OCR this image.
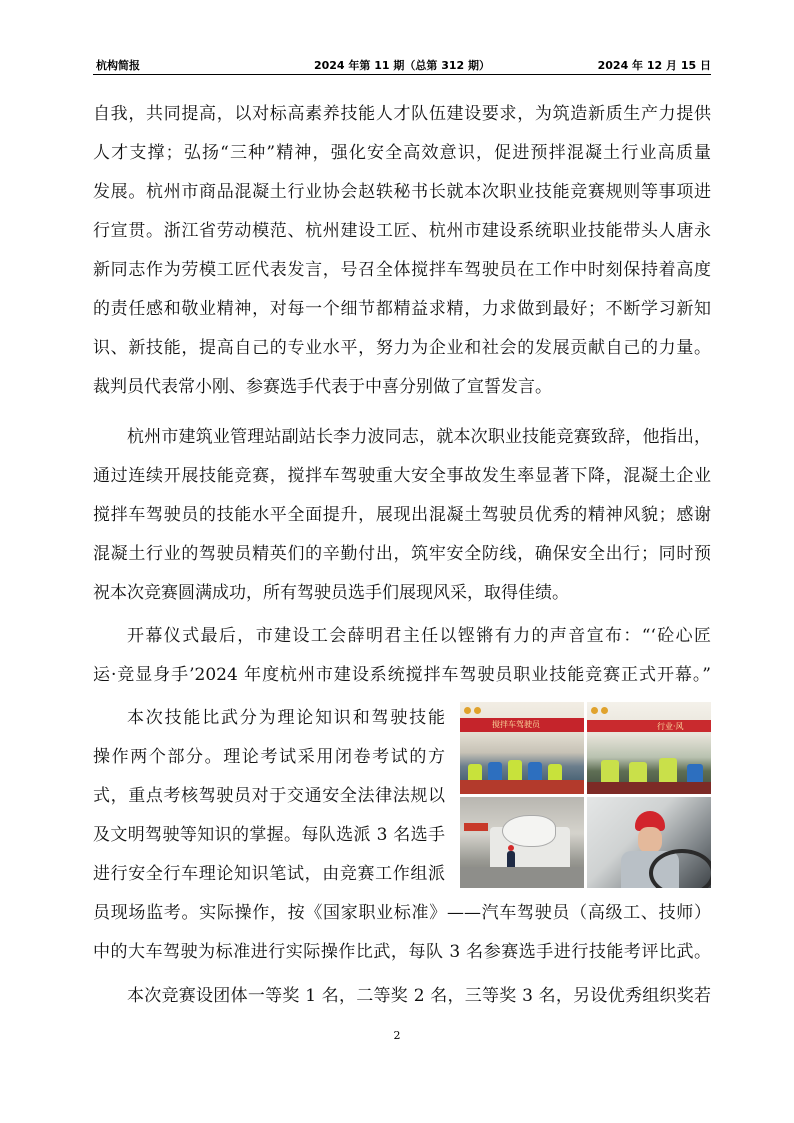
杭构简报	2024 年第 11 期（总第 312 期）	2024 年 12 月 15 日
自我，共同提高，以对标高素养技能人才队伍建设要求，为筑造新质生产力提供
人才支撑；弘扬“三种”精神，强化安全高效意识，促进预拌混凝土行业高质量
发展。杭州市商品混凝土行业协会赵轶秘书长就本次职业技能竞赛规则等事项进
行宣贯。浙江省劳动模范、杭州建设工匠、杭州市建设系统职业技能带头人唐永
新同志作为劳模工匠代表发言，号召全体搅拌车驾驶员在工作中时刻保持着高度
的责任感和敬业精神，对每一个细节都精益求精，力求做到最好；不断学习新知
识、新技能，提高自己的专业水平，努力为企业和社会的发展贡献自己的力量。
裁判员代表常小刚、参赛选手代表于中喜分别做了宣誓发言。
杭州市建筑业管理站副站长李力波同志，就本次职业技能竞赛致辞，他指出，
通过连续开展技能竞赛，搅拌车驾驶重大安全事故发生率显著下降，混凝土企业
搅拌车驾驶员的技能水平全面提升，展现出混凝土驾驶员优秀的精神风貌；感谢
混凝土行业的驾驶员精英们的辛勤付出，筑牢安全防线，确保安全出行；同时预
祝本次竞赛圆满成功，所有驾驶员选手们展现风采，取得佳绩。
开幕仪式最后，市建设工会薛明君主任以铿锵有力的声音宣布：“‘砼心匠
运·竞显身手’2024 年度杭州市建设系统搅拌车驾驶员职业技能竞赛正式开幕。”
本次技能比武分为理论知识和驾驶技能
操作两个部分。理论考试采用闭卷考试的方
式，重点考核驾驶员对于交通安全法律法规以
及文明驾驶等知识的掌握。每队选派 3 名选手
进行安全行车理论知识笔试，由竞赛工作组派
员现场监考。实际操作，按《国家职业标准》——汽车驾驶员（高级工、技师）
中的大车驾驶为标准进行实际操作比武，每队 3 名参赛选手进行技能考评比武。
本次竞赛设团体一等奖 1 名，二等奖 2 名，三等奖 3 名，另设优秀组织奖若
搅拌车驾驶员	行业·风
2
